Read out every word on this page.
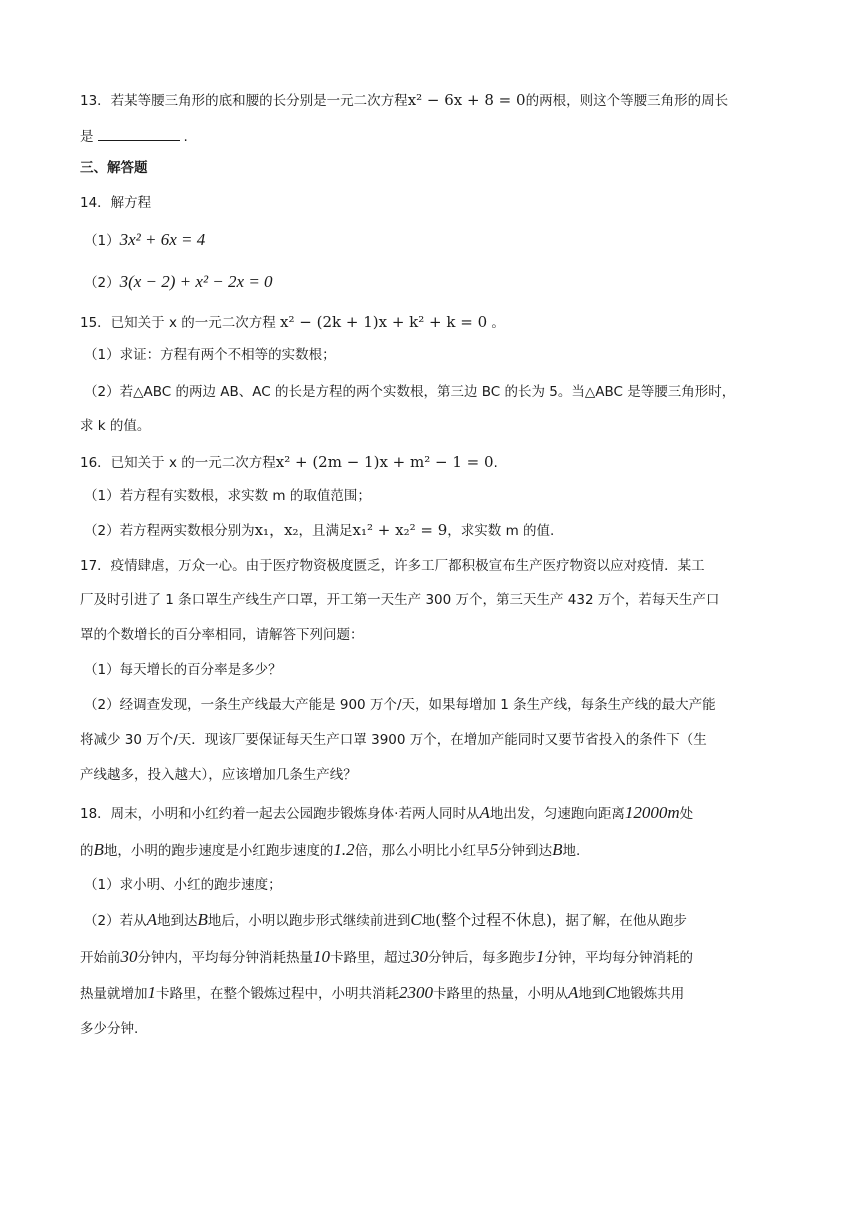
13．若某等腰三角形的底和腰的长分别是一元二次方程x² − 6x + 8 = 0的两根，则这个等腰三角形的周长
是	.
三、解答题
14．解方程
（1）3x² + 6x = 4
（2）3(x − 2) + x² − 2x = 0
15．已知关于 x 的一元二次方程 x² − (2k + 1)x + k² + k = 0 。
（1）求证：方程有两个不相等的实数根；
（2）若△ABC 的两边 AB、AC 的长是方程的两个实数根，第三边 BC 的长为 5。当△ABC 是等腰三角形时，
求 k 的值。
16．已知关于 x 的一元二次方程x² + (2m − 1)x + m² − 1 = 0.
（1）若方程有实数根，求实数 m 的取值范围；
（2）若方程两实数根分别为x₁，x₂，且满足x₁² + x₂² = 9，求实数 m 的值.
17．疫情肆虐，万众一心。由于医疗物资极度匮乏，许多工厂都积极宣布生产医疗物资以应对疫情．某工
厂及时引进了 1 条口罩生产线生产口罩，开工第一天生产 300 万个，第三天生产 432 万个，若每天生产口
罩的个数增长的百分率相同，请解答下列问题：
（1）每天增长的百分率是多少？
（2）经调查发现，一条生产线最大产能是 900 万个/天，如果每增加 1 条生产线，每条生产线的最大产能
将减少 30 万个/天．现该厂要保证每天生产口罩 3900 万个，在增加产能同时又要节省投入的条件下（生
产线越多，投入越大），应该增加几条生产线？
18．周末，小明和小红约着一起去公园跑步锻炼身体‧若两人同时从A地出发，匀速跑向距离12000m处
的B地，小明的跑步速度是小红跑步速度的1.2倍，那么小明比小红早5分钟到达B地.
（1）求小明、小红的跑步速度；
（2）若从A地到达B地后，小明以跑步形式继续前进到C地(整个过程不休息)，据了解，在他从跑步
开始前30分钟内，平均每分钟消耗热量10卡路里，超过30分钟后，每多跑步1分钟，平均每分钟消耗的
热量就增加1卡路里，在整个锻炼过程中，小明共消耗2300卡路里的热量，小明从A地到C地锻炼共用
多少分钟.
